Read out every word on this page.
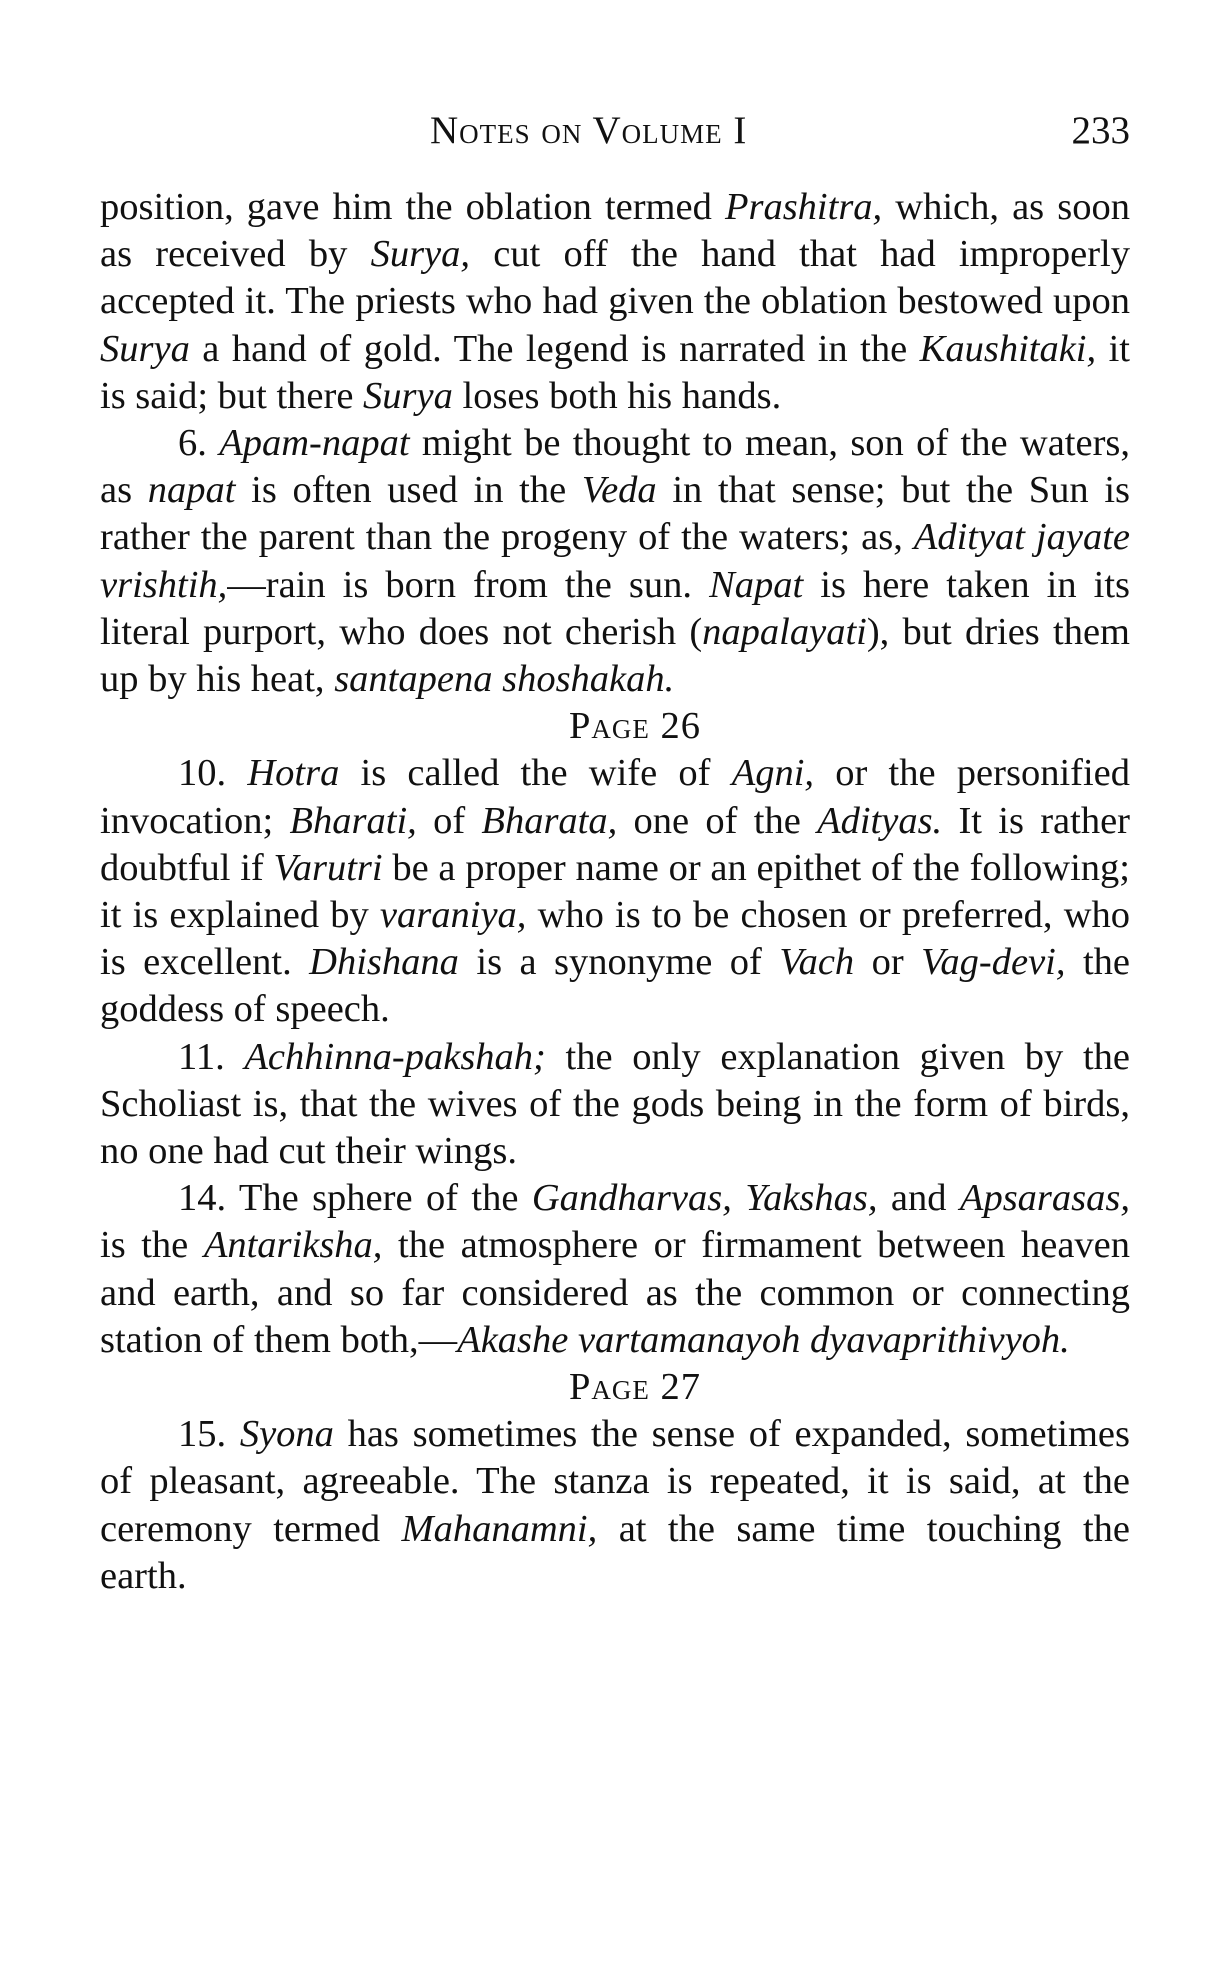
Notes on Volume I	233

position, gave him the oblation termed Prashitra, which, as soon as received by Surya, cut off the hand that had improperly accepted it. The priests who had given the oblation bestowed upon Surya a hand of gold. The legend is narrated in the Kaushitaki, it is said; but there Surya loses both his hands.

6. Apam-napat might be thought to mean, son of the waters, as napat is often used in the Veda in that sense; but the Sun is rather the parent than the progeny of the waters; as, Adityat jayate vrishtih,—rain is born from the sun. Napat is here taken in its literal purport, who does not cherish (napalayati), but dries them up by his heat, santapena shoshakah.

Page 26

10. Hotra is called the wife of Agni, or the personified invocation; Bharati, of Bharata, one of the Adityas. It is rather doubtful if Varutri be a proper name or an epithet of the following; it is explained by varaniya, who is to be chosen or preferred, who is excellent. Dhishana is a synonyme of Vach or Vag-devi, the goddess of speech.

11. Achhinna-pakshah; the only explanation given by the Scholiast is, that the wives of the gods being in the form of birds, no one had cut their wings.

14. The sphere of the Gandharvas, Yakshas, and Apsarasas, is the Antariksha, the atmosphere or firmament between heaven and earth, and so far considered as the common or connecting station of them both,—Akashe vartamanayoh dyavaprithivyoh.

Page 27

15. Syona has sometimes the sense of expanded, sometimes of pleasant, agreeable. The stanza is repeated, it is said, at the ceremony termed Mahanamni, at the same time touching the earth.
